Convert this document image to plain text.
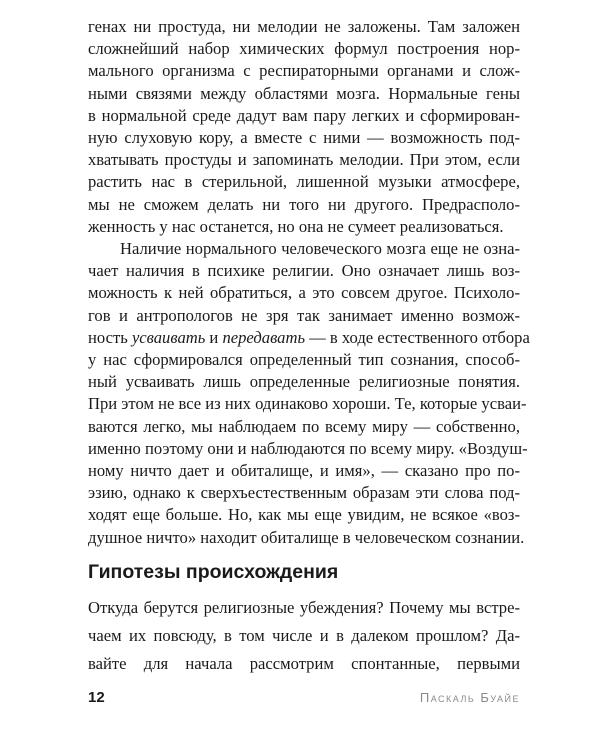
генах ни простуда, ни мелодии не заложены. Там заложен
сложнейший набор химических формул построения нор-
мального организма с респираторными органами и слож-
ными связями между областями мозга. Нормальные гены
в нормальной среде дадут вам пару легких и сформирован-
ную слуховую кору, а вместе с ними — возможность под-
хватывать простуды и запоминать мелодии. При этом, если
растить нас в стерильной, лишенной музыки атмосфере,
мы не сможем делать ни того ни другого. Предрасполо-
женность у нас останется, но она не сумеет реализоваться.
Наличие нормального человеческого мозга еще не озна-
чает наличия в психике религии. Оно означает лишь воз-
можность к ней обратиться, а это совсем другое. Психоло-
гов и антропологов не зря так занимает именно возмож-
ность усваивать и передавать — в ходе естественного отбора
у нас сформировался определенный тип сознания, способ-
ный усваивать лишь определенные религиозные понятия.
При этом не все из них одинаково хороши. Те, которые усваи-
ваются легко, мы наблюдаем по всему миру — собственно,
именно поэтому они и наблюдаются по всему миру. «Воздуш-
ному ничто дает и обиталище, и имя», — сказано про по-
эзию, однако к сверхъестественным образам эти слова под-
ходят еще больше. Но, как мы еще увидим, не всякое «воз-
душное ничто» находит обиталище в человеческом сознании.
Гипотезы происхождения
Откуда берутся религиозные убеждения? Почему мы встре-
чаем их повсюду, в том числе и в далеком прошлом? Да-
вайте для начала рассмотрим спонтанные, первыми
12	Паскаль Буайе
